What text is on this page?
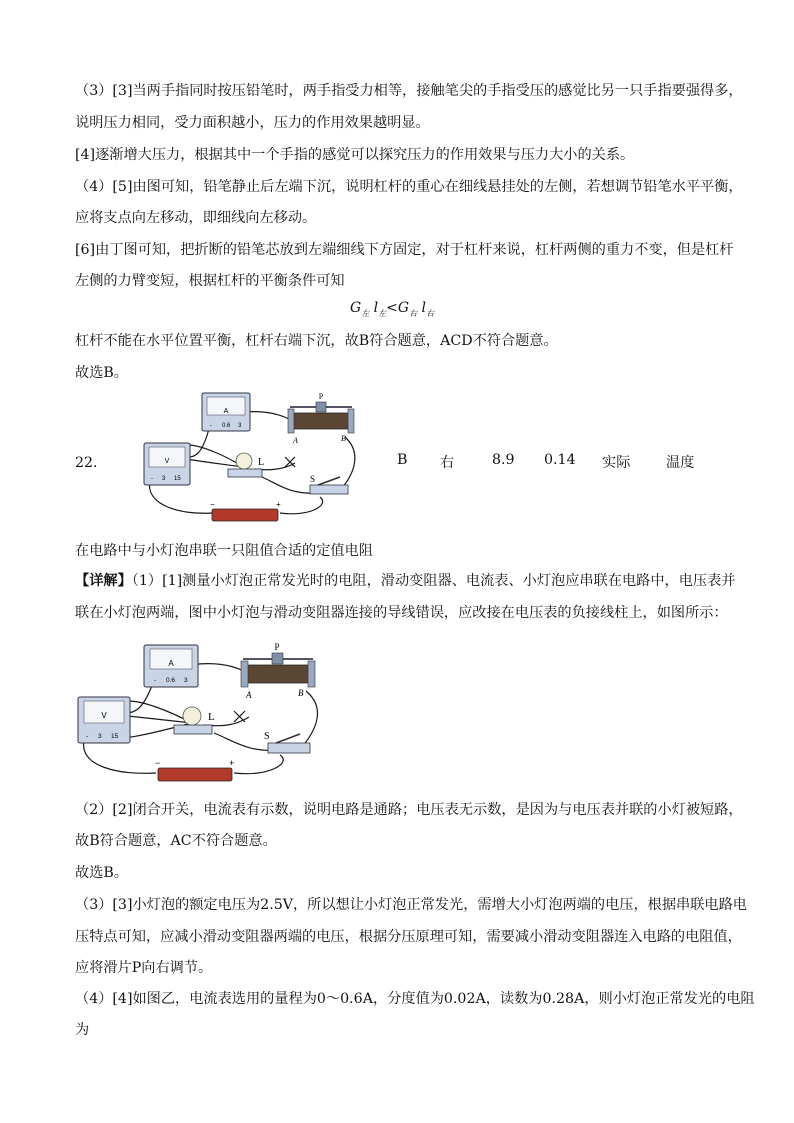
（3）[3]当两手指同时按压铅笔时，两手指受力相等，接触笔尖的手指受压的感觉比另一只手指要强得多，
说明压力相同，受力面积越小，压力的作用效果越明显。
[4]逐渐增大压力，根据其中一个手指的感觉可以探究压力的作用效果与压力大小的关系。
（4）[5]由图可知，铅笔静止后左端下沉，说明杠杆的重心在细线悬挂处的左侧，若想调节铅笔水平平衡，
应将支点向左移动，即细线向左移动。
[6]由丁图可知，把折断的铅笔芯放到左端细线下方固定，对于杠杆来说，杠杆两侧的重力不变，但是杠杆
左侧的力臂变短，根据杠杆的平衡条件可知
$G_左$ $l_左<G_右$ $l_右$
杠杆不能在水平位置平衡，杠杆右端下沉，故B符合题意，ACD不符合题意。
故选B。
22．	B 右	8.9 0.14 实际	温度
A
- 0.6 3
V
- 3 15
P
A	B
L
S
−	+
在电路中与小灯泡串联一只阻值合适的定值电阻
【详解】（1）[1]测量小灯泡正常发光时的电阻，滑动变阻器、电流表、小灯泡应串联在电路中，电压表并
联在小灯泡两端，图中小灯泡与滑动变阻器连接的导线错误，应改接在电压表的负接线柱上，如图所示：
A
- 0.6 3
V
- 3 15
P
A	B
L
S
−	+
（2）[2]闭合开关，电流表有示数，说明电路是通路；电压表无示数，是因为与电压表并联的小灯被短路，
故B符合题意，AC不符合题意。
故选B。
（3）[3]小灯泡的额定电压为2.5V，所以想让小灯泡正常发光，需增大小灯泡两端的电压，根据串联电路电
压特点可知，应减小滑动变阻器两端的电压，根据分压原理可知，需要减小滑动变阻器连入电路的电阻值，
应将滑片P向右调节。
（4）[4]如图乙，电流表选用的量程为0～0.6A，分度值为0.02A，读数为0.28A，则小灯泡正常发光的电阻
为
